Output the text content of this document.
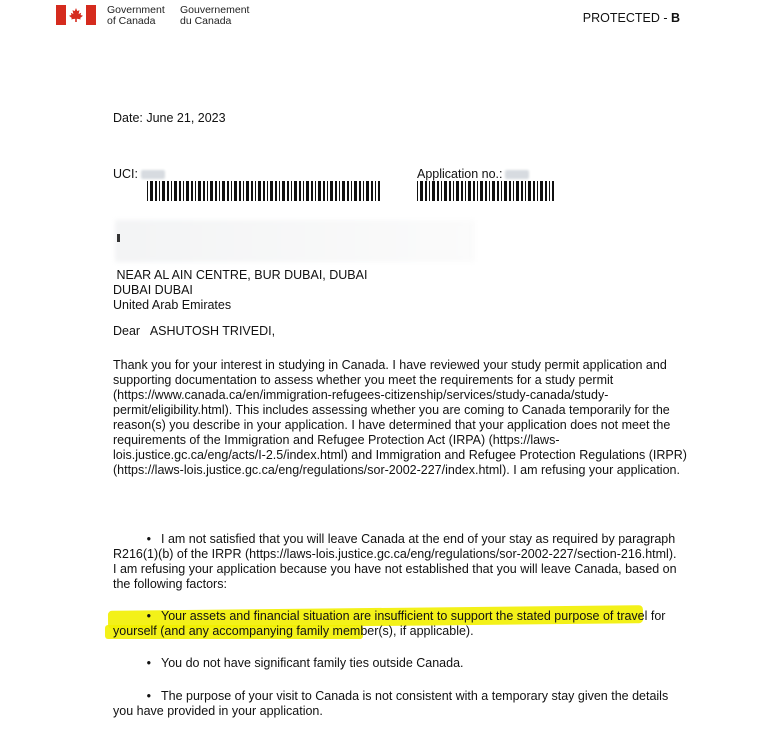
Government
of Canada
Gouvernement
du Canada	PROTECTED - B
Date: June 21, 2023
UCI:	Application no.:
NEAR AL AIN CENTRE, BUR DUBAI, DUBAI
DUBAI DUBAI
United Arab Emirates
Dear   ASHUTOSH TRIVEDI,
Thank you for your interest in studying in Canada. I have reviewed your study permit application and supporting documentation to assess whether you meet the requirements for a study permit (https://www.canada.ca/en/immigration-refugees-citizenship/services/study-canada/study-permit/eligibility.html). This includes assessing whether you are coming to Canada temporarily for the reason(s) you describe in your application. I have determined that your application does not meet the requirements of the Immigration and Refugee Protection Act (IRPA) (https://laws-lois.justice.gc.ca/eng/acts/I-2.5/index.html) and Immigration and Refugee Protection Regulations (IRPR) (https://laws-lois.justice.gc.ca/eng/regulations/sor-2002-227/index.html). I am refusing your application.
• I am not satisfied that you will leave Canada at the end of your stay as required by paragraph R216(1)(b) of the IRPR (https://laws-lois.justice.gc.ca/eng/regulations/sor-2002-227/section-216.html). I am refusing your application because you have not established that you will leave Canada, based on the following factors:
• Your assets and financial situation are insufficient to support the stated purpose of travel for yourself (and any accompanying family member(s), if applicable).
• You do not have significant family ties outside Canada.
• The purpose of your visit to Canada is not consistent with a temporary stay given the details you have provided in your application.
